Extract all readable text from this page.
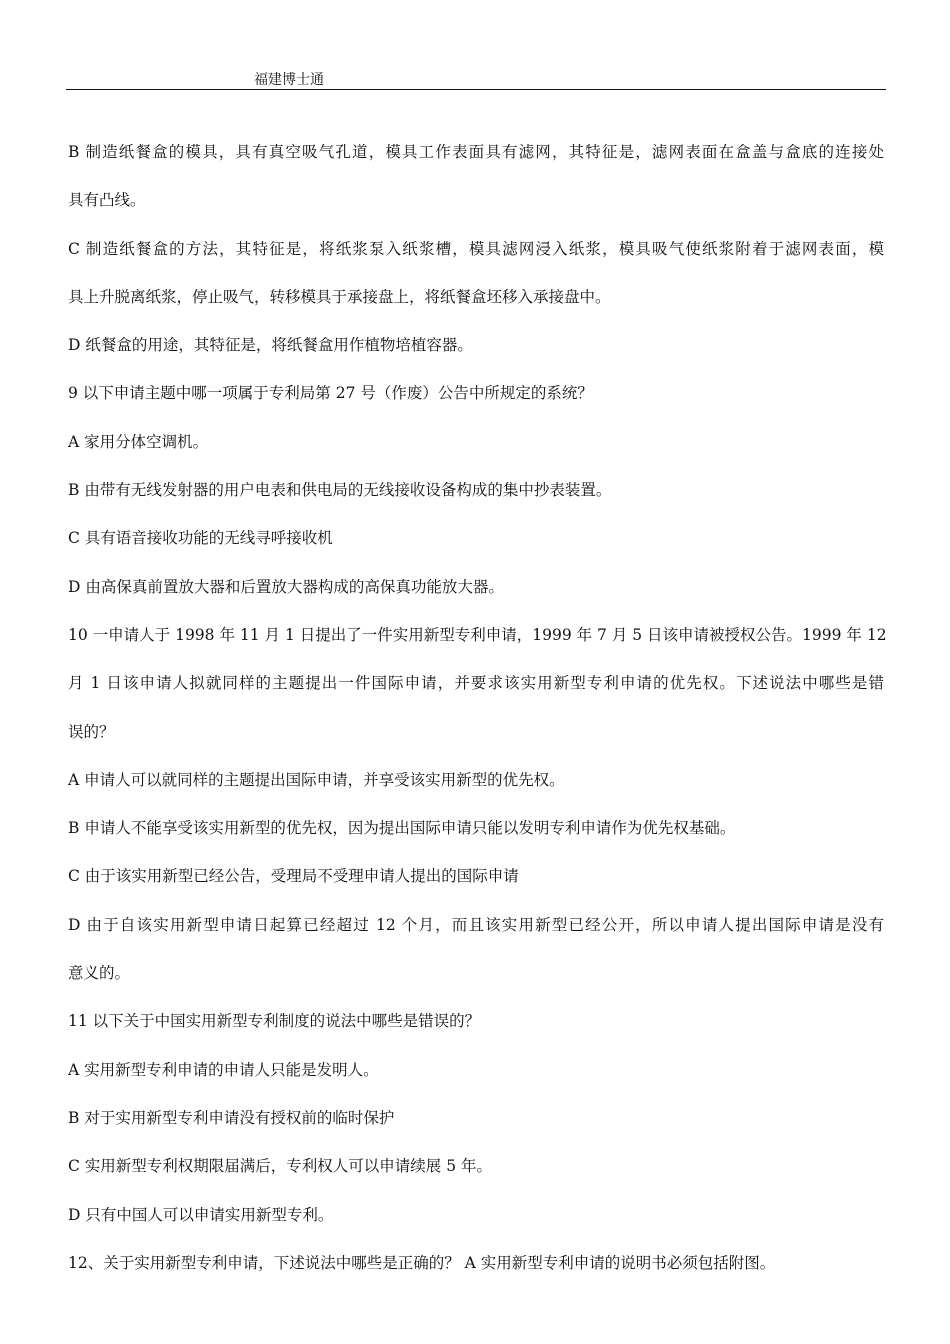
福建博士通
B 制造纸餐盒的模具，具有真空吸气孔道，模具工作表面具有滤网，其特征是，滤网表面在盒盖与盒底的连接处
具有凸线。
C 制造纸餐盒的方法，其特征是，将纸浆泵入纸浆槽，模具滤网浸入纸浆，模具吸气使纸浆附着于滤网表面，模
具上升脱离纸浆，停止吸气，转移模具于承接盘上，将纸餐盒坯移入承接盘中。
D 纸餐盒的用途，其特征是，将纸餐盒用作植物培植容器。
9 以下申请主题中哪一项属于专利局第 27 号（作废）公告中所规定的系统？
A 家用分体空调机。
B 由带有无线发射器的用户电表和供电局的无线接收设备构成的集中抄表装置。
C 具有语音接收功能的无线寻呼接收机
D 由高保真前置放大器和后置放大器构成的高保真功能放大器。
10 一申请人于 1998 年 11 月 1 日提出了一件实用新型专利申请，1999 年 7 月 5 日该申请被授权公告。1999 年 12
月 1 日该申请人拟就同样的主题提出一件国际申请，并要求该实用新型专利申请的优先权。下述说法中哪些是错
误的？
A 申请人可以就同样的主题提出国际申请，并享受该实用新型的优先权。
B 申请人不能享受该实用新型的优先权，因为提出国际申请只能以发明专利申请作为优先权基础。
C 由于该实用新型已经公告，受理局不受理申请人提出的国际申请
D 由于自该实用新型申请日起算已经超过 12 个月，而且该实用新型已经公开，所以申请人提出国际申请是没有
意义的。
11 以下关于中国实用新型专利制度的说法中哪些是错误的？
A 实用新型专利申请的申请人只能是发明人。
B 对于实用新型专利申请没有授权前的临时保护
C 实用新型专利权期限届满后，专利权人可以申请续展 5 年。
D 只有中国人可以申请实用新型专利。
12、关于实用新型专利申请，下述说法中哪些是正确的？ A 实用新型专利申请的说明书必须包括附图。
